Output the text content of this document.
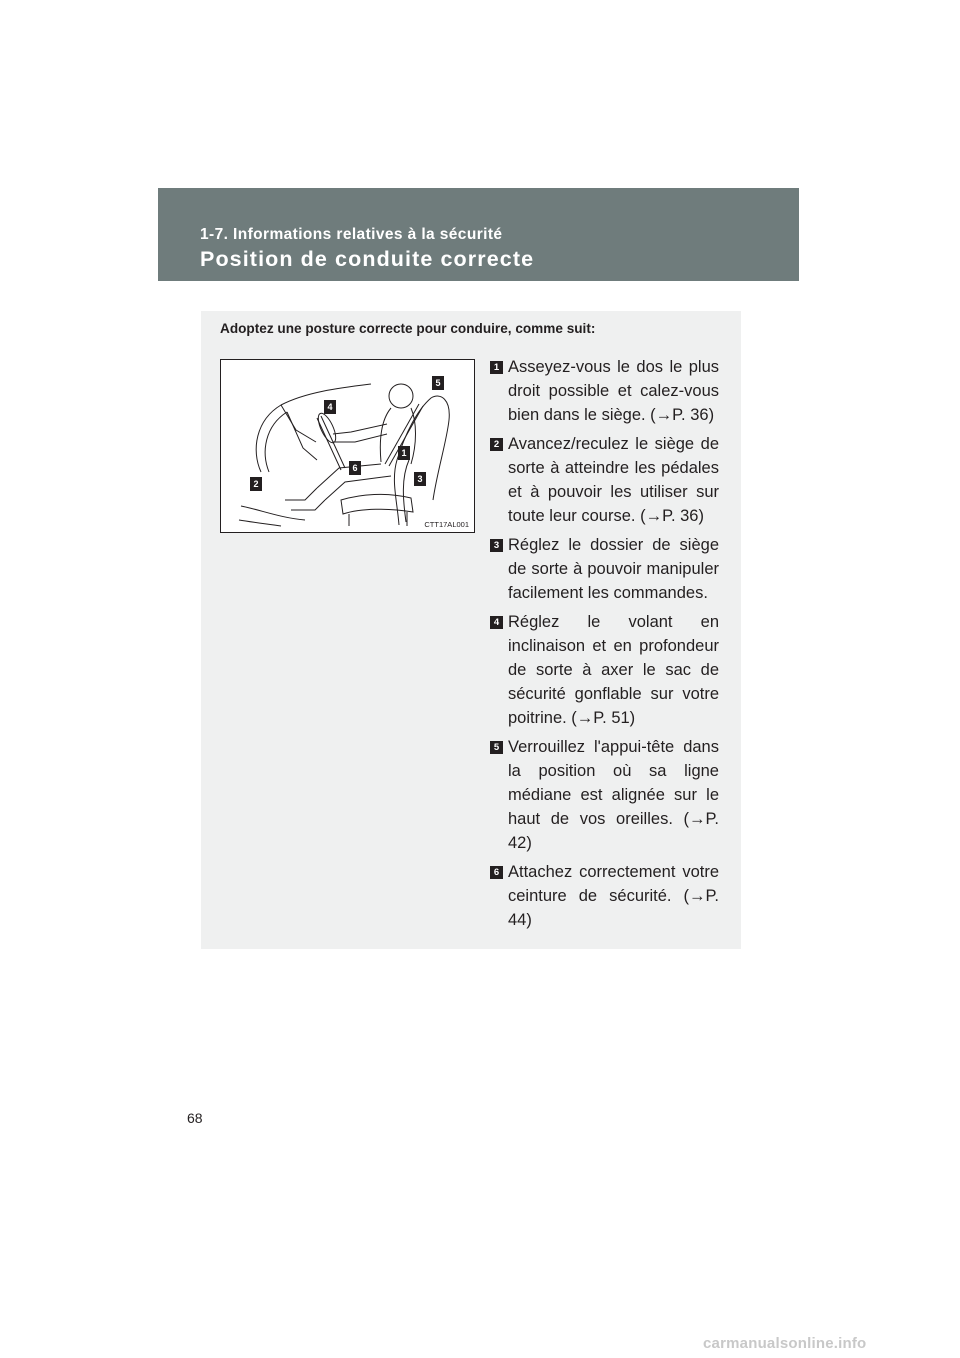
1-7. Informations relatives à la sécurité
Position de conduite correcte
Adoptez une posture correcte pour conduire, comme suit:
5
4
1
6
3
2
CTT17AL001
1 Asseyez-vous le dos le plus droit possible et calez-vous bien dans le siège. (→P. 36)
2 Avancez/reculez le siège de sorte à atteindre les pédales et à pouvoir les utiliser sur toute leur course. (→P. 36)
3 Réglez le dossier de siège de sorte à pouvoir manipuler facilement les commandes.
4 Réglez le volant en inclinaison et en profondeur de sorte à axer le sac de sécurité gonflable sur votre poitrine. (→P. 51)
5 Verrouillez l'appui-tête dans la position où sa ligne médiane est alignée sur le haut de vos oreilles. (→P. 42)
6 Attachez correctement votre ceinture de sécurité. (→P. 44)
68
carmanualsonline.info
